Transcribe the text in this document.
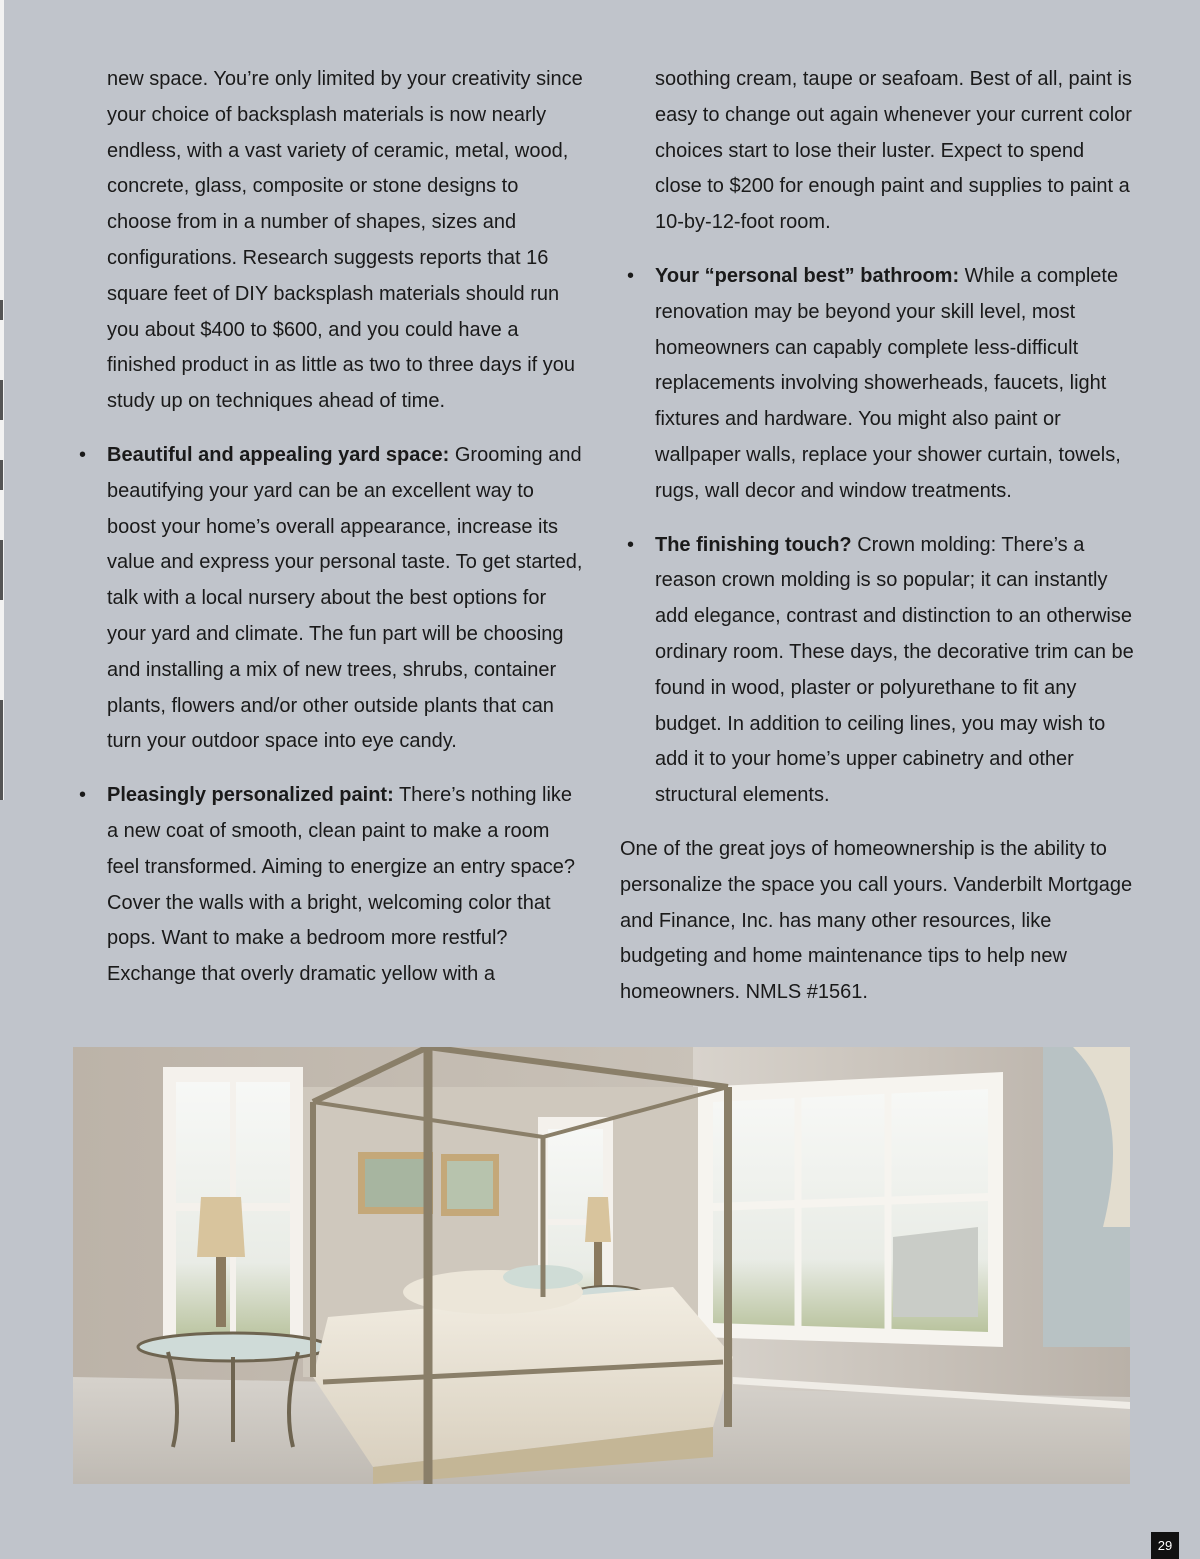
new space. You’re only limited by your creativity since your choice of backsplash materials is now nearly endless, with a vast variety of ceramic, metal, wood, concrete, glass, composite or stone designs to choose from in a number of shapes, sizes and configurations. Research suggests reports that 16 square feet of DIY backsplash materials should run you about $400 to $600, and you could have a finished product in as little as two to three days if you study up on techniques ahead of time.

• Beautiful and appealing yard space: Grooming and beautifying your yard can be an excellent way to boost your home’s overall appearance, increase its value and express your personal taste. To get started, talk with a local nursery about the best options for your yard and climate. The fun part will be choosing and installing a mix of new trees, shrubs, container plants, flowers and/or other outside plants that can turn your outdoor space into eye candy.
• Pleasingly personalized paint: There’s nothing like a new coat of smooth, clean paint to make a room feel transformed. Aiming to energize an entry space? Cover the walls with a bright, welcoming color that pops. Want to make a bedroom more restful? Exchange that overly dramatic yellow with a

soothing cream, taupe or seafoam. Best of all, paint is easy to change out again whenever your current color choices start to lose their luster. Expect to spend close to $200 for enough paint and supplies to paint a 10-by-12-foot room.

• Your “personal best” bathroom: While a complete renovation may be beyond your skill level, most homeowners can capably complete less-difficult replacements involving showerheads, faucets, light fixtures and hardware. You might also paint or wallpaper walls, replace your shower curtain, towels, rugs, wall decor and window treatments.
• The finishing touch? Crown molding: There’s a reason crown molding is so popular; it can instantly add elegance, contrast and distinction to an otherwise ordinary room. These days, the decorative trim can be found in wood, plaster or polyurethane to fit any budget. In addition to ceiling lines, you may wish to add it to your home’s upper cabinetry and other structural elements.

One of the great joys of homeownership is the ability to personalize the space you call yours. Vanderbilt Mortgage and Finance, Inc. has many other resources, like budgeting and home maintenance tips to help new homeowners. NMLS #1561.

29
